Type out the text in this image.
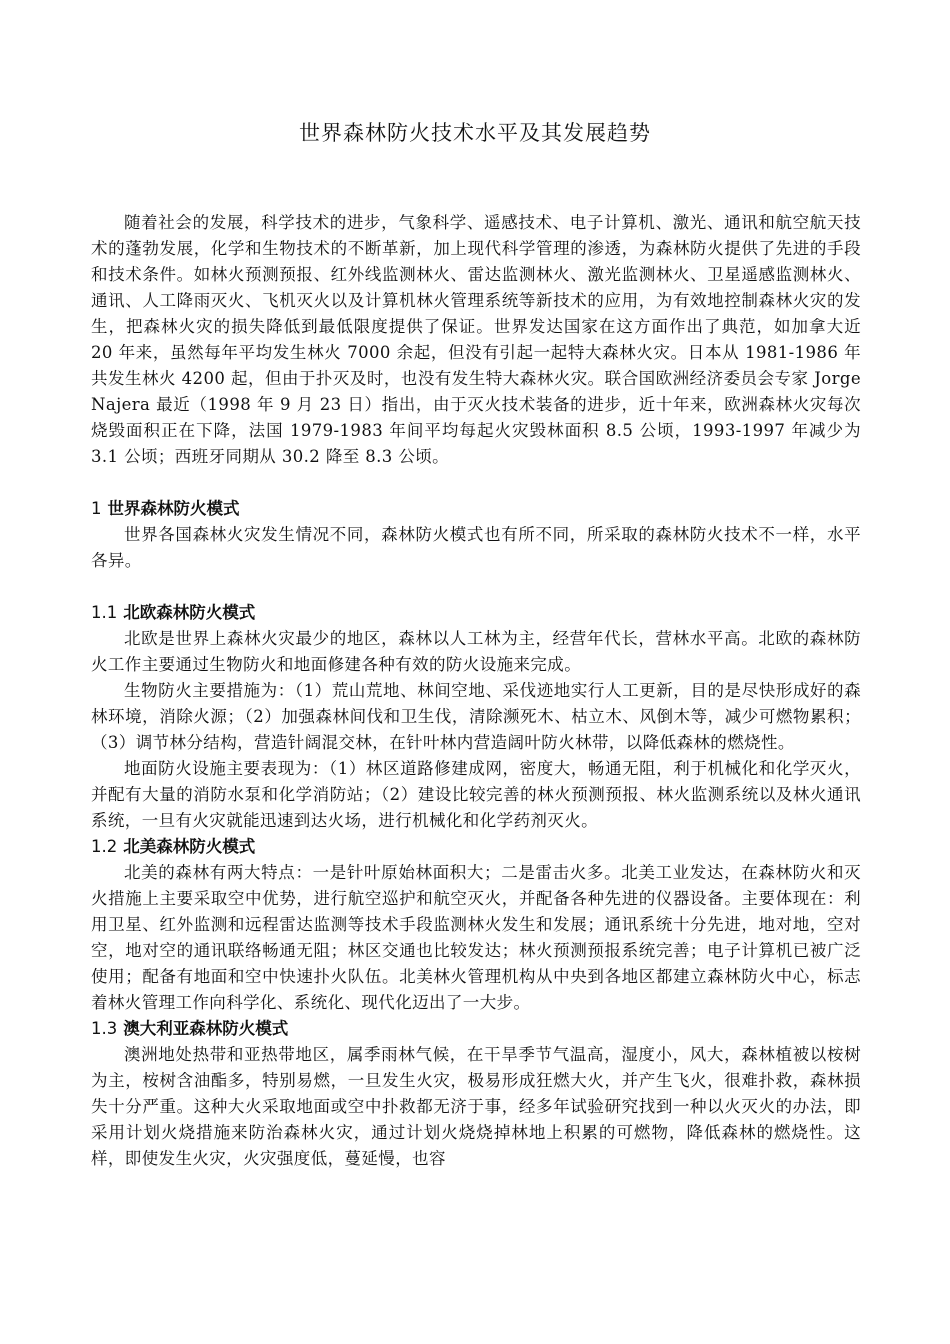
世界森林防火技术水平及其发展趋势

随着社会的发展，科学技术的进步，气象科学、遥感技术、电子计算机、激光、通讯和航空航天技术的蓬勃发展，化学和生物技术的不断革新，加上现代科学管理的渗透，为森林防火提供了先进的手段和技术条件。如林火预测预报、红外线监测林火、雷达监测林火、激光监测林火、卫星遥感监测林火、通讯、人工降雨灭火、飞机灭火以及计算机林火管理系统等新技术的应用，为有效地控制森林火灾的发生，把森林火灾的损失降低到最低限度提供了保证。世界发达国家在这方面作出了典范，如加拿大近 20 年来，虽然每年平均发生林火 7000 余起，但没有引起一起特大森林火灾。日本从 1981-1986 年共发生林火 4200 起，但由于扑灭及时，也没有发生特大森林火灾。联合国欧洲经济委员会专家 Jorge Najera 最近（1998 年 9 月 23 日）指出，由于灭火技术装备的进步，近十年来，欧洲森林火灾每次烧毁面积正在下降，法国 1979-1983 年间平均每起火灾毁林面积 8.5 公顷，1993-1997 年减少为 3.1 公顷；西班牙同期从 30.2 降至 8.3 公顷。

1 世界森林防火模式

世界各国森林火灾发生情况不同，森林防火模式也有所不同，所采取的森林防火技术不一样，水平各异。

1.1 北欧森林防火模式

北欧是世界上森林火灾最少的地区，森林以人工林为主，经营年代长，营林水平高。北欧的森林防火工作主要通过生物防火和地面修建各种有效的防火设施来完成。

生物防火主要措施为：（1）荒山荒地、林间空地、采伐迹地实行人工更新，目的是尽快形成好的森林环境，消除火源；（2）加强森林间伐和卫生伐，清除濒死木、枯立木、风倒木等，减少可燃物累积；（3）调节林分结构，营造针阔混交林，在针叶林内营造阔叶防火林带，以降低森林的燃烧性。

地面防火设施主要表现为：（1）林区道路修建成网，密度大，畅通无阻，利于机械化和化学灭火，并配有大量的消防水泵和化学消防站；（2）建设比较完善的林火预测预报、林火监测系统以及林火通讯系统，一旦有火灾就能迅速到达火场，进行机械化和化学药剂灭火。

1.2 北美森林防火模式

北美的森林有两大特点：一是针叶原始林面积大；二是雷击火多。北美工业发达，在森林防火和灭火措施上主要采取空中优势，进行航空巡护和航空灭火，并配备各种先进的仪器设备。主要体现在：利用卫星、红外监测和远程雷达监测等技术手段监测林火发生和发展；通讯系统十分先进，地对地，空对空，地对空的通讯联络畅通无阻；林区交通也比较发达；林火预测预报系统完善；电子计算机已被广泛使用；配备有地面和空中快速扑火队伍。北美林火管理机构从中央到各地区都建立森林防火中心，标志着林火管理工作向科学化、系统化、现代化迈出了一大步。

1.3 澳大利亚森林防火模式

澳洲地处热带和亚热带地区，属季雨林气候，在干旱季节气温高，湿度小，风大，森林植被以桉树为主，桉树含油酯多，特别易燃，一旦发生火灾，极易形成狂燃大火，并产生飞火，很难扑救，森林损失十分严重。这种大火采取地面或空中扑救都无济于事，经多年试验研究找到一种以火灭火的办法，即采用计划火烧措施来防治森林火灾，通过计划火烧烧掉林地上积累的可燃物，降低森林的燃烧性。这样，即使发生火灾，火灾强度低，蔓延慢，也容
